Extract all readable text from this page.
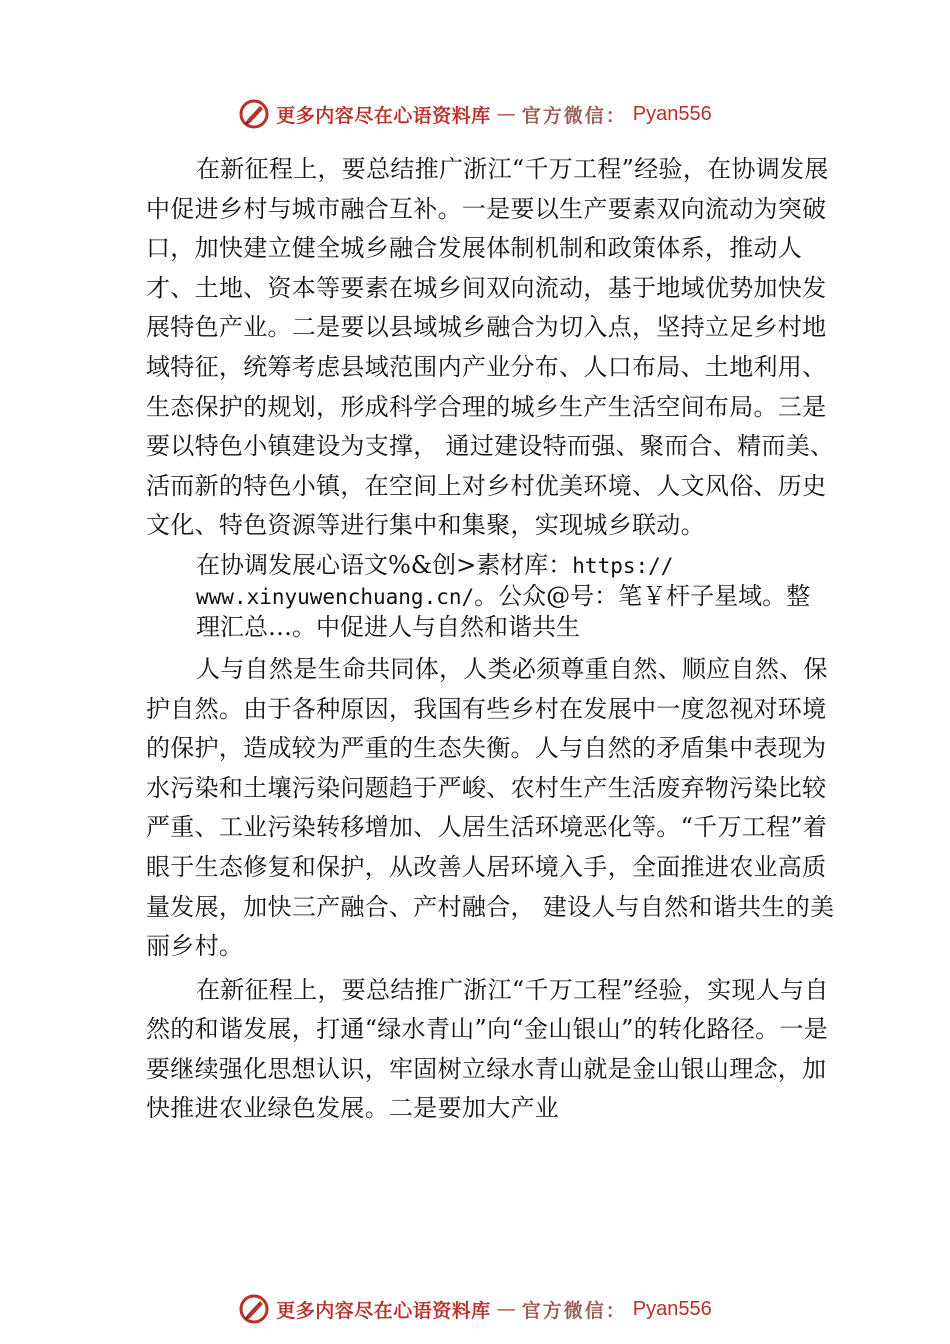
更多内容尽在心语资料库 — 官方微信： Pyan556

在新征程上，要总结推广浙江“千万工程”经验，在协调发展中促进乡村与城市融合互补。一是要以生产要素双向流动为突破口，加快建立健全城乡融合发展体制机制和政策体系，推动人才、土地、资本等要素在城乡间双向流动，基于地域优势加快发展特色产业。二是要以县域城乡融合为切入点，坚持立足乡村地域特征，统筹考虑县域范围内产业分布、人口布局、土地利用、生态保护的规划，形成科学合理的城乡生产生活空间布局。三是要以特色小镇建设为支撑， 通过建设特而强、聚而合、精而美、活而新的特色小镇，在空间上对乡村优美环境、人文风俗、历史文化、特色资源等进行集中和集聚，实现城乡联动。

在协调发展心语文%&创>素材库：https://
www.xinyuwenchuang.cn/。公众@号：笔￥杆子星域。整
理汇总…。中促进人与自然和谐共生

人与自然是生命共同体，人类必须尊重自然、顺应自然、保护自然。由于各种原因，我国有些乡村在发展中一度忽视对环境的保护，造成较为严重的生态失衡。人与自然的矛盾集中表现为水污染和土壤污染问题趋于严峻、农村生产生活废弃物污染比较严重、工业污染转移增加、人居生活环境恶化等。“千万工程”着眼于生态修复和保护，从改善人居环境入手，全面推进农业高质量发展，加快三产融合、产村融合， 建设人与自然和谐共生的美丽乡村。

在新征程上，要总结推广浙江“千万工程”经验，实现人与自然的和谐发展，打通“绿水青山”向“金山银山”的转化路径。一是要继续强化思想认识，牢固树立绿水青山就是金山银山理念，加快推进农业绿色发展。二是要加大产业

更多内容尽在心语资料库 — 官方微信： Pyan556
